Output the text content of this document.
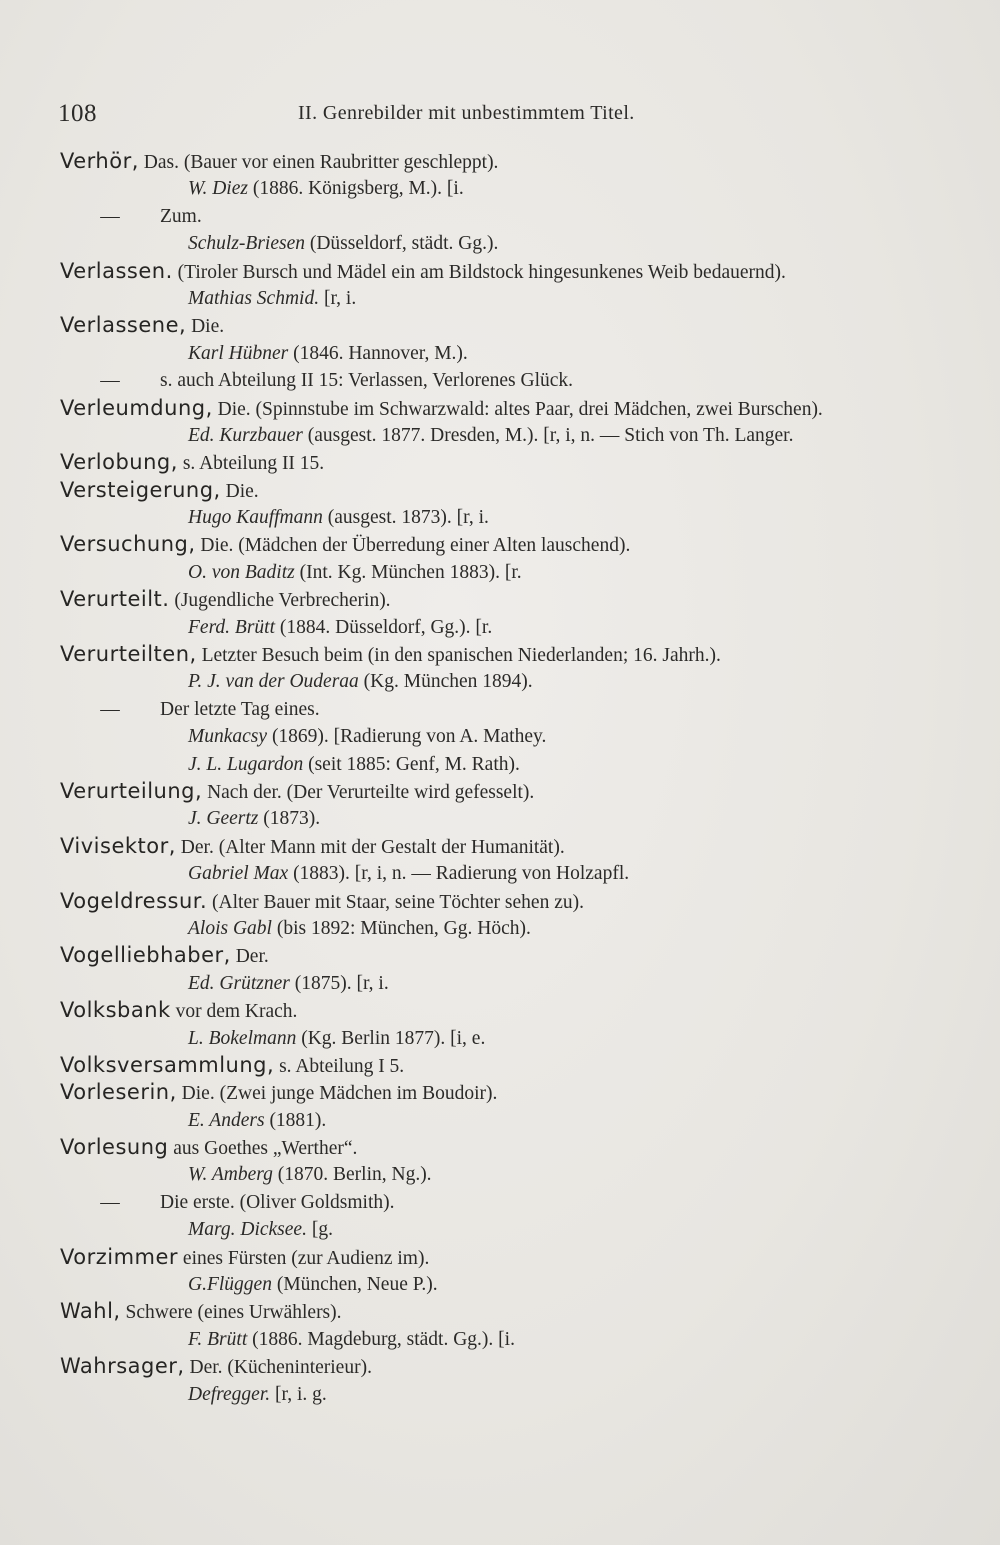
108	II. Genrebilder mit unbestimmtem Titel.
Verhör, Das. (Bauer vor einen Raubritter geschleppt).
W. Diez (1886. Königsberg, M.). [i.
— Zum.
Schulz-Briesen (Düsseldorf, städt. Gg.).
Verlassen. (Tiroler Bursch und Mädel ein am Bildstock hingesunkenes Weib bedauernd).
Mathias Schmid. [r, i.
Verlassene, Die.
Karl Hübner (1846. Hannover, M.).
— s. auch Abteilung II 15: Verlassen, Verlorenes Glück.
Verleumdung, Die. (Spinnstube im Schwarzwald: altes Paar, drei Mädchen, zwei Burschen).
Ed. Kurzbauer (ausgest. 1877. Dresden, M.). [r, i, n. — Stich von Th. Langer.
Verlobung, s. Abteilung II 15.
Versteigerung, Die.
Hugo Kauffmann (ausgest. 1873). [r, i.
Versuchung, Die. (Mädchen der Überredung einer Alten lauschend).
O. von Baditz (Int. Kg. München 1883). [r.
Verurteilt. (Jugendliche Verbrecherin).
Ferd. Brütt (1884. Düsseldorf, Gg.). [r.
Verurteilten, Letzter Besuch beim (in den spanischen Niederlanden; 16. Jahrh.).
P. J. van der Ouderaa (Kg. München 1894).
— Der letzte Tag eines.
Munkacsy (1869). [Radierung von A. Mathey.
J. L. Lugardon (seit 1885: Genf, M. Rath).
Verurteilung, Nach der. (Der Verurteilte wird gefesselt).
J. Geertz (1873).
Vivisektor, Der. (Alter Mann mit der Gestalt der Humanität).
Gabriel Max (1883). [r, i, n. — Radierung von Holzapfl.
Vogeldressur. (Alter Bauer mit Staar, seine Töchter sehen zu).
Alois Gabl (bis 1892: München, Gg. Höch).
Vogelliebhaber, Der.
Ed. Grützner (1875). [r, i.
Volksbank vor dem Krach.
L. Bokelmann (Kg. Berlin 1877). [i, e.
Volksversammlung, s. Abteilung I 5.
Vorleserin, Die. (Zwei junge Mädchen im Boudoir).
E. Anders (1881).
Vorlesung aus Goethes „Werther“.
W. Amberg (1870. Berlin, Ng.).
— Die erste. (Oliver Goldsmith).
Marg. Dicksee. [g.
Vorzimmer eines Fürsten (zur Audienz im).
G.Flüggen (München, Neue P.).
Wahl, Schwere (eines Urwählers).
F. Brütt (1886. Magdeburg, städt. Gg.). [i.
Wahrsager, Der. (Kücheninterieur).
Defregger. [r, i. g.
